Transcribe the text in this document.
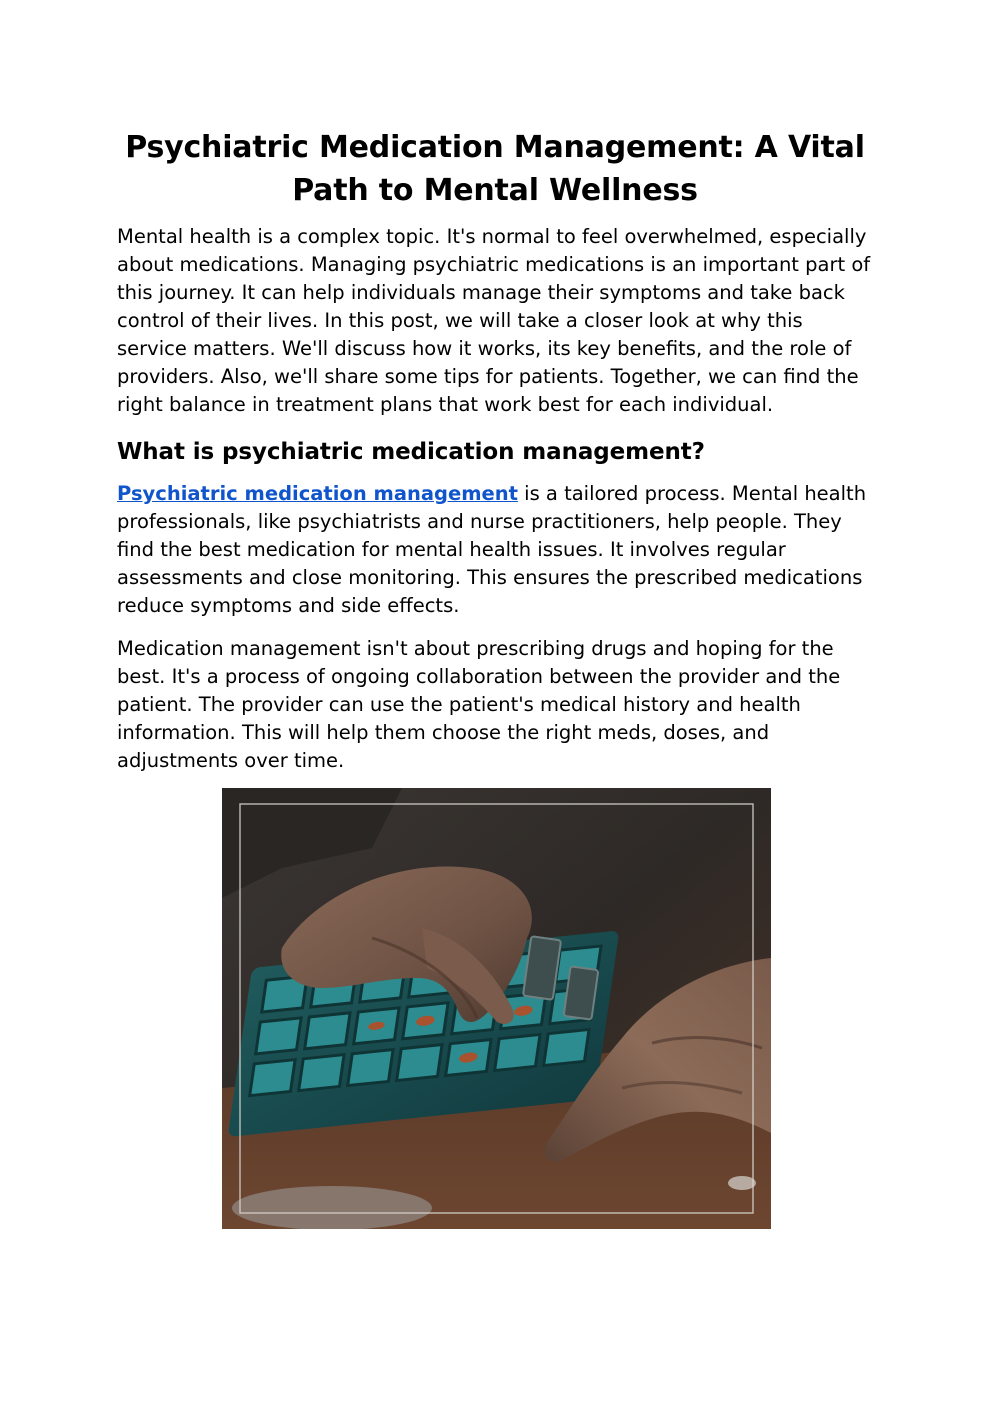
Psychiatric Medication Management: A Vital Path to Mental Wellness

Mental health is a complex topic. It's normal to feel overwhelmed, especially about medications. Managing psychiatric medications is an important part of this journey. It can help individuals manage their symptoms and take back control of their lives. In this post, we will take a closer look at why this service matters. We'll discuss how it works, its key benefits, and the role of providers. Also, we'll share some tips for patients. Together, we can find the right balance in treatment plans that work best for each individual.

What is psychiatric medication management?

Psychiatric medication management is a tailored process. Mental health professionals, like psychiatrists and nurse practitioners, help people. They find the best medication for mental health issues. It involves regular assessments and close monitoring. This ensures the prescribed medications reduce symptoms and side effects.

Medication management isn't about prescribing drugs and hoping for the best. It's a process of ongoing collaboration between the provider and the patient. The provider can use the patient's medical history and health information. This will help them choose the right meds, doses, and adjustments over time.
